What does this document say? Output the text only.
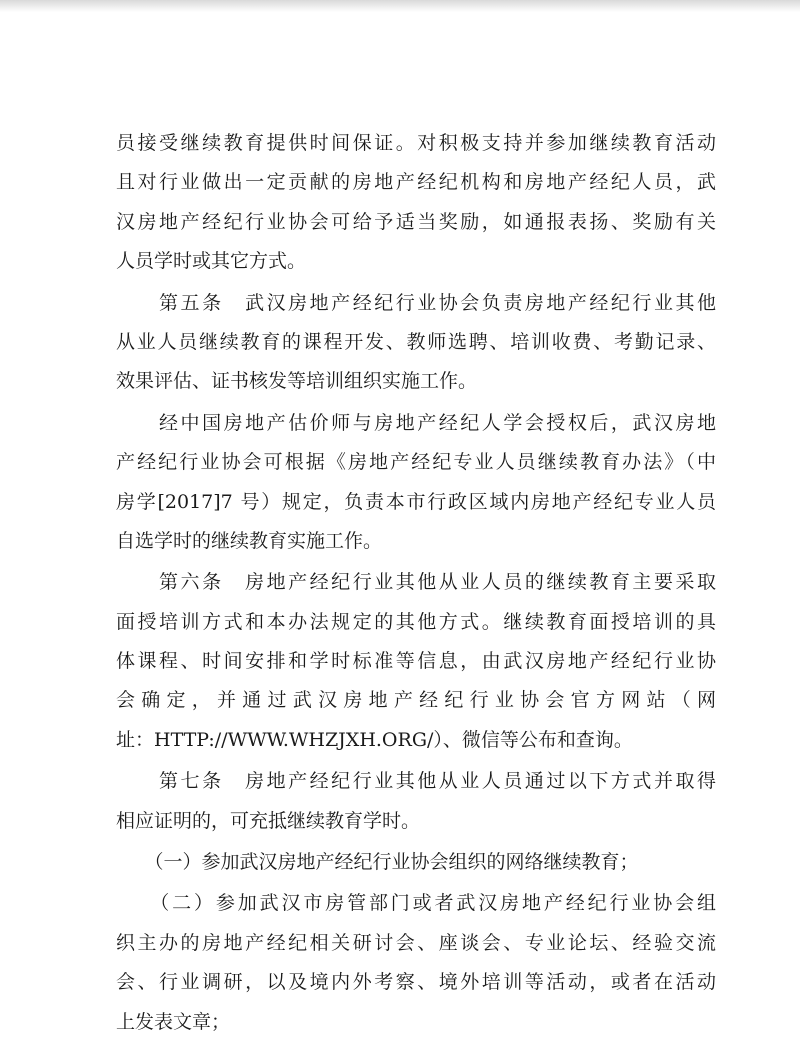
员接受继续教育提供时间保证。对积极支持并参加继续教育活动
且对行业做出一定贡献的房地产经纪机构和房地产经纪人员，武
汉房地产经纪行业协会可给予适当奖励，如通报表扬、奖励有关
人员学时或其它方式。
　　第五条　武汉房地产经纪行业协会负责房地产经纪行业其他
从业人员继续教育的课程开发、教师选聘、培训收费、考勤记录、
效果评估、证书核发等培训组织实施工作。
　　经中国房地产估价师与房地产经纪人学会授权后，武汉房地
产经纪行业协会可根据《房地产经纪专业人员继续教育办法》（中
房学[2017]7 号）规定，负责本市行政区域内房地产经纪专业人员
自选学时的继续教育实施工作。
　　第六条　房地产经纪行业其他从业人员的继续教育主要采取
面授培训方式和本办法规定的其他方式。继续教育面授培训的具
体课程、时间安排和学时标准等信息，由武汉房地产经纪行业协
会确定，并通过武汉房地产经纪行业协会官方网站（网
址：HTTP://WWW.WHZJXH.ORG/）、微信等公布和查询。
　　第七条　房地产经纪行业其他从业人员通过以下方式并取得
相应证明的，可充抵继续教育学时。
　　（一）参加武汉房地产经纪行业协会组织的网络继续教育；
　　（二）参加武汉市房管部门或者武汉房地产经纪行业协会组
织主办的房地产经纪相关研讨会、座谈会、专业论坛、经验交流
会、行业调研，以及境内外考察、境外培训等活动，或者在活动
上发表文章；
